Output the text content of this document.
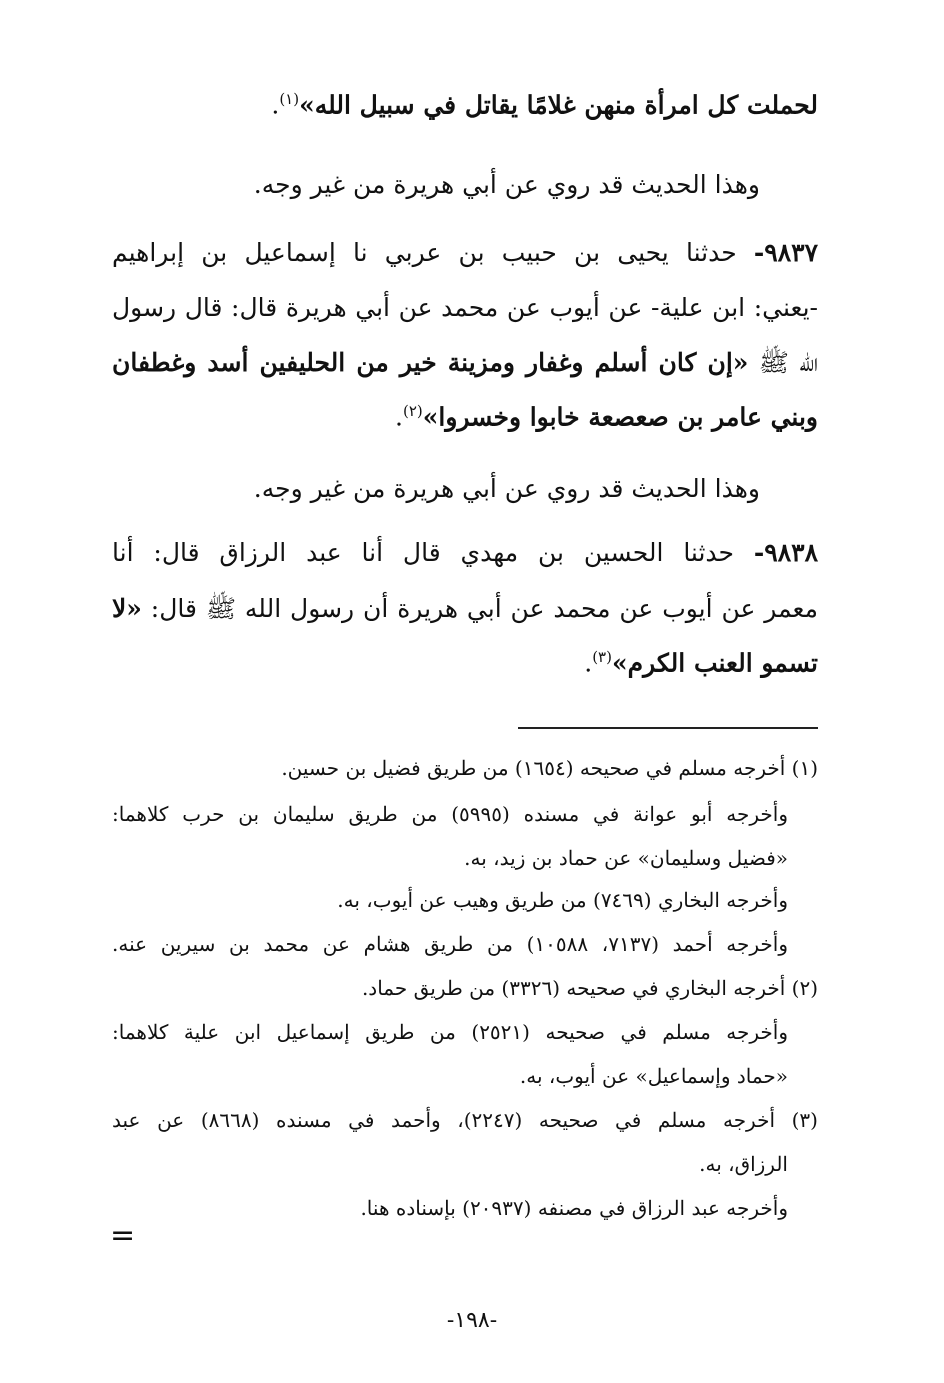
لحملت كل امرأة منهن غلامًا يقاتل في سبيل الله»$^{(١)}$.
وهذا الحديث قد روي عن أبي هريرة من غير وجه.
٩٨٣٧- حدثنا يحيى بن حبيب بن عربي نا إسماعيل بن إبراهيم
-يعني: ابن علية- عن أيوب عن محمد عن أبي هريرة قال: قال رسول
الله ﷺ «إن كان أسلم وغفار ومزينة خير من الحليفين أسد وغطفان
وبني عامر بن صعصعة خابوا وخسروا»$^{(٢)}$.
وهذا الحديث قد روي عن أبي هريرة من غير وجه.
٩٨٣٨- حدثنا الحسين بن مهدي قال أنا عبد الرزاق قال: أنا
معمر عن أيوب عن محمد عن أبي هريرة أن رسول الله ﷺ قال: «لا
تسمو العنب الكرم»$^{(٣)}$.
(١) أخرجه مسلم في صحيحه (١٦٥٤) من طريق فضيل بن حسين.
وأخرجه أبو عوانة في مسنده (٥٩٩٥) من طريق سليمان بن حرب كلاهما:
«فضيل وسليمان» عن حماد بن زيد، به.
وأخرجه البخاري (٧٤٦٩) من طريق وهيب عن أيوب، به.
وأخرجه أحمد (٧١٣٧، ١٠٥٨٨) من طريق هشام عن محمد بن سيرين عنه.
(٢) أخرجه البخاري في صحيحه (٣٣٢٦) من طريق حماد.
وأخرجه مسلم في صحيحه (٢٥٢١) من طريق إسماعيل ابن علية كلاهما:
«حماد وإسماعيل» عن أيوب، به.
(٣) أخرجه مسلم في صحيحه (٢٢٤٧)، وأحمد في مسنده (٨٦٦٨) عن عبد
الرزاق، به.
وأخرجه عبد الرزاق في مصنفه (٢٠٩٣٧) بإسناده هنا.
=
-١٩٨-
